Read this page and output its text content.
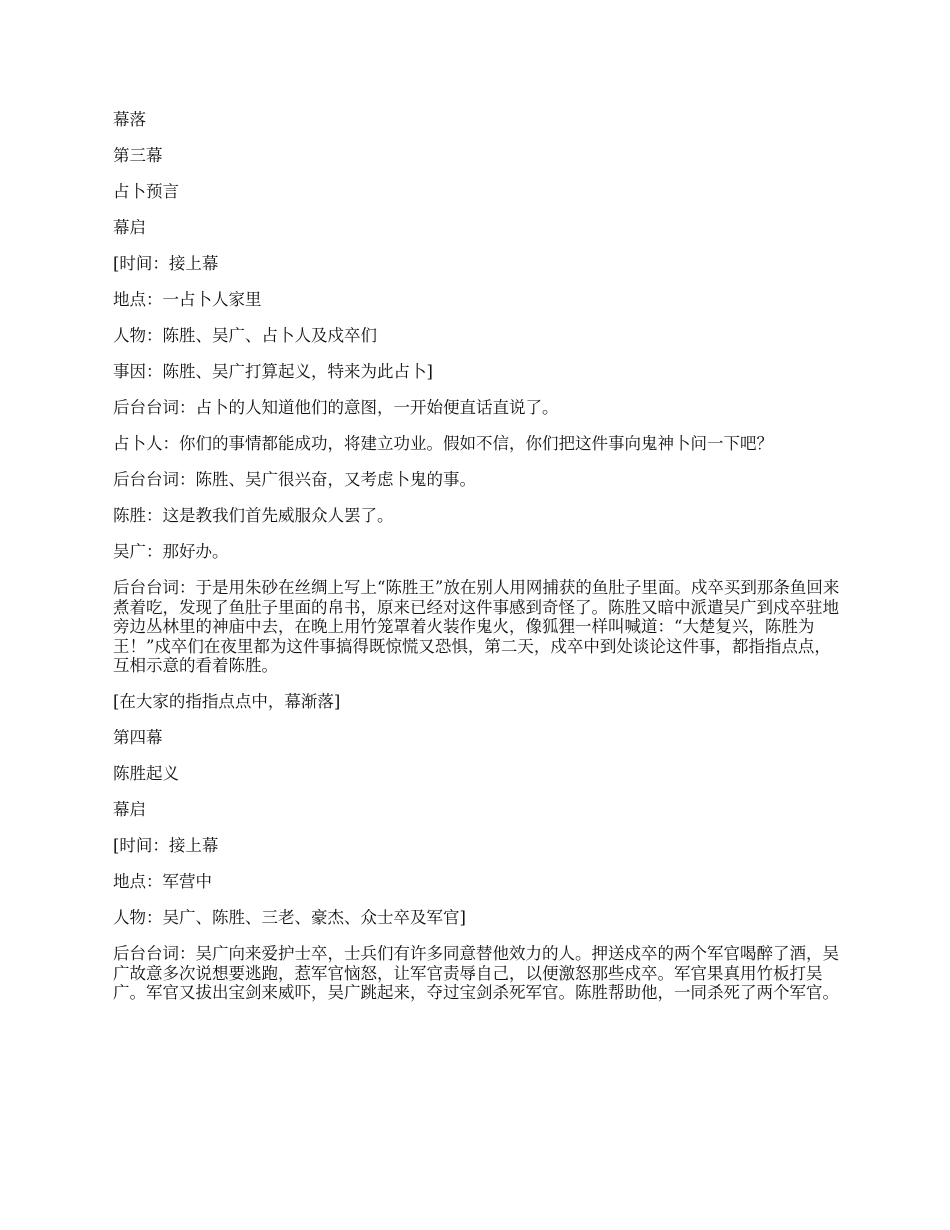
幕落

第三幕

占卜预言

幕启

[时间：接上幕

地点：一占卜人家里

人物：陈胜、吴广、占卜人及戍卒们

事因：陈胜、吴广打算起义，特来为此占卜]

后台台词：占卜的人知道他们的意图，一开始便直话直说了。

占卜人：你们的事情都能成功，将建立功业。假如不信，你们把这件事向鬼神卜问一下吧？

后台台词：陈胜、吴广很兴奋，又考虑卜鬼的事。

陈胜：这是教我们首先威服众人罢了。

吴广：那好办。

后台台词：于是用朱砂在丝绸上写上“陈胜王”放在别人用网捕获的鱼肚子里面。戍卒买到那条鱼回来煮着吃，发现了鱼肚子里面的帛书，原来已经对这件事感到奇怪了。陈胜又暗中派遣吴广到戍卒驻地旁边丛林里的神庙中去，在晚上用竹笼罩着火装作鬼火，像狐狸一样叫喊道：“大楚复兴，陈胜为王！”戍卒们在夜里都为这件事搞得既惊慌又恐惧，第二天，戍卒中到处谈论这件事，都指指点点，互相示意的看着陈胜。

[在大家的指指点点中，幕渐落]

第四幕

陈胜起义

幕启

[时间：接上幕

地点：军营中

人物：吴广、陈胜、三老、豪杰、众士卒及军官]

后台台词：吴广向来爱护士卒，士兵们有许多同意替他效力的人。押送戍卒的两个军官喝醉了酒，吴广故意多次说想要逃跑，惹军官恼怒，让军官责辱自己，以便激怒那些戍卒。军官果真用竹板打吴广。军官又拔出宝剑来威吓，吴广跳起来，夺过宝剑杀死军官。陈胜帮助他，一同杀死了两个军官。
